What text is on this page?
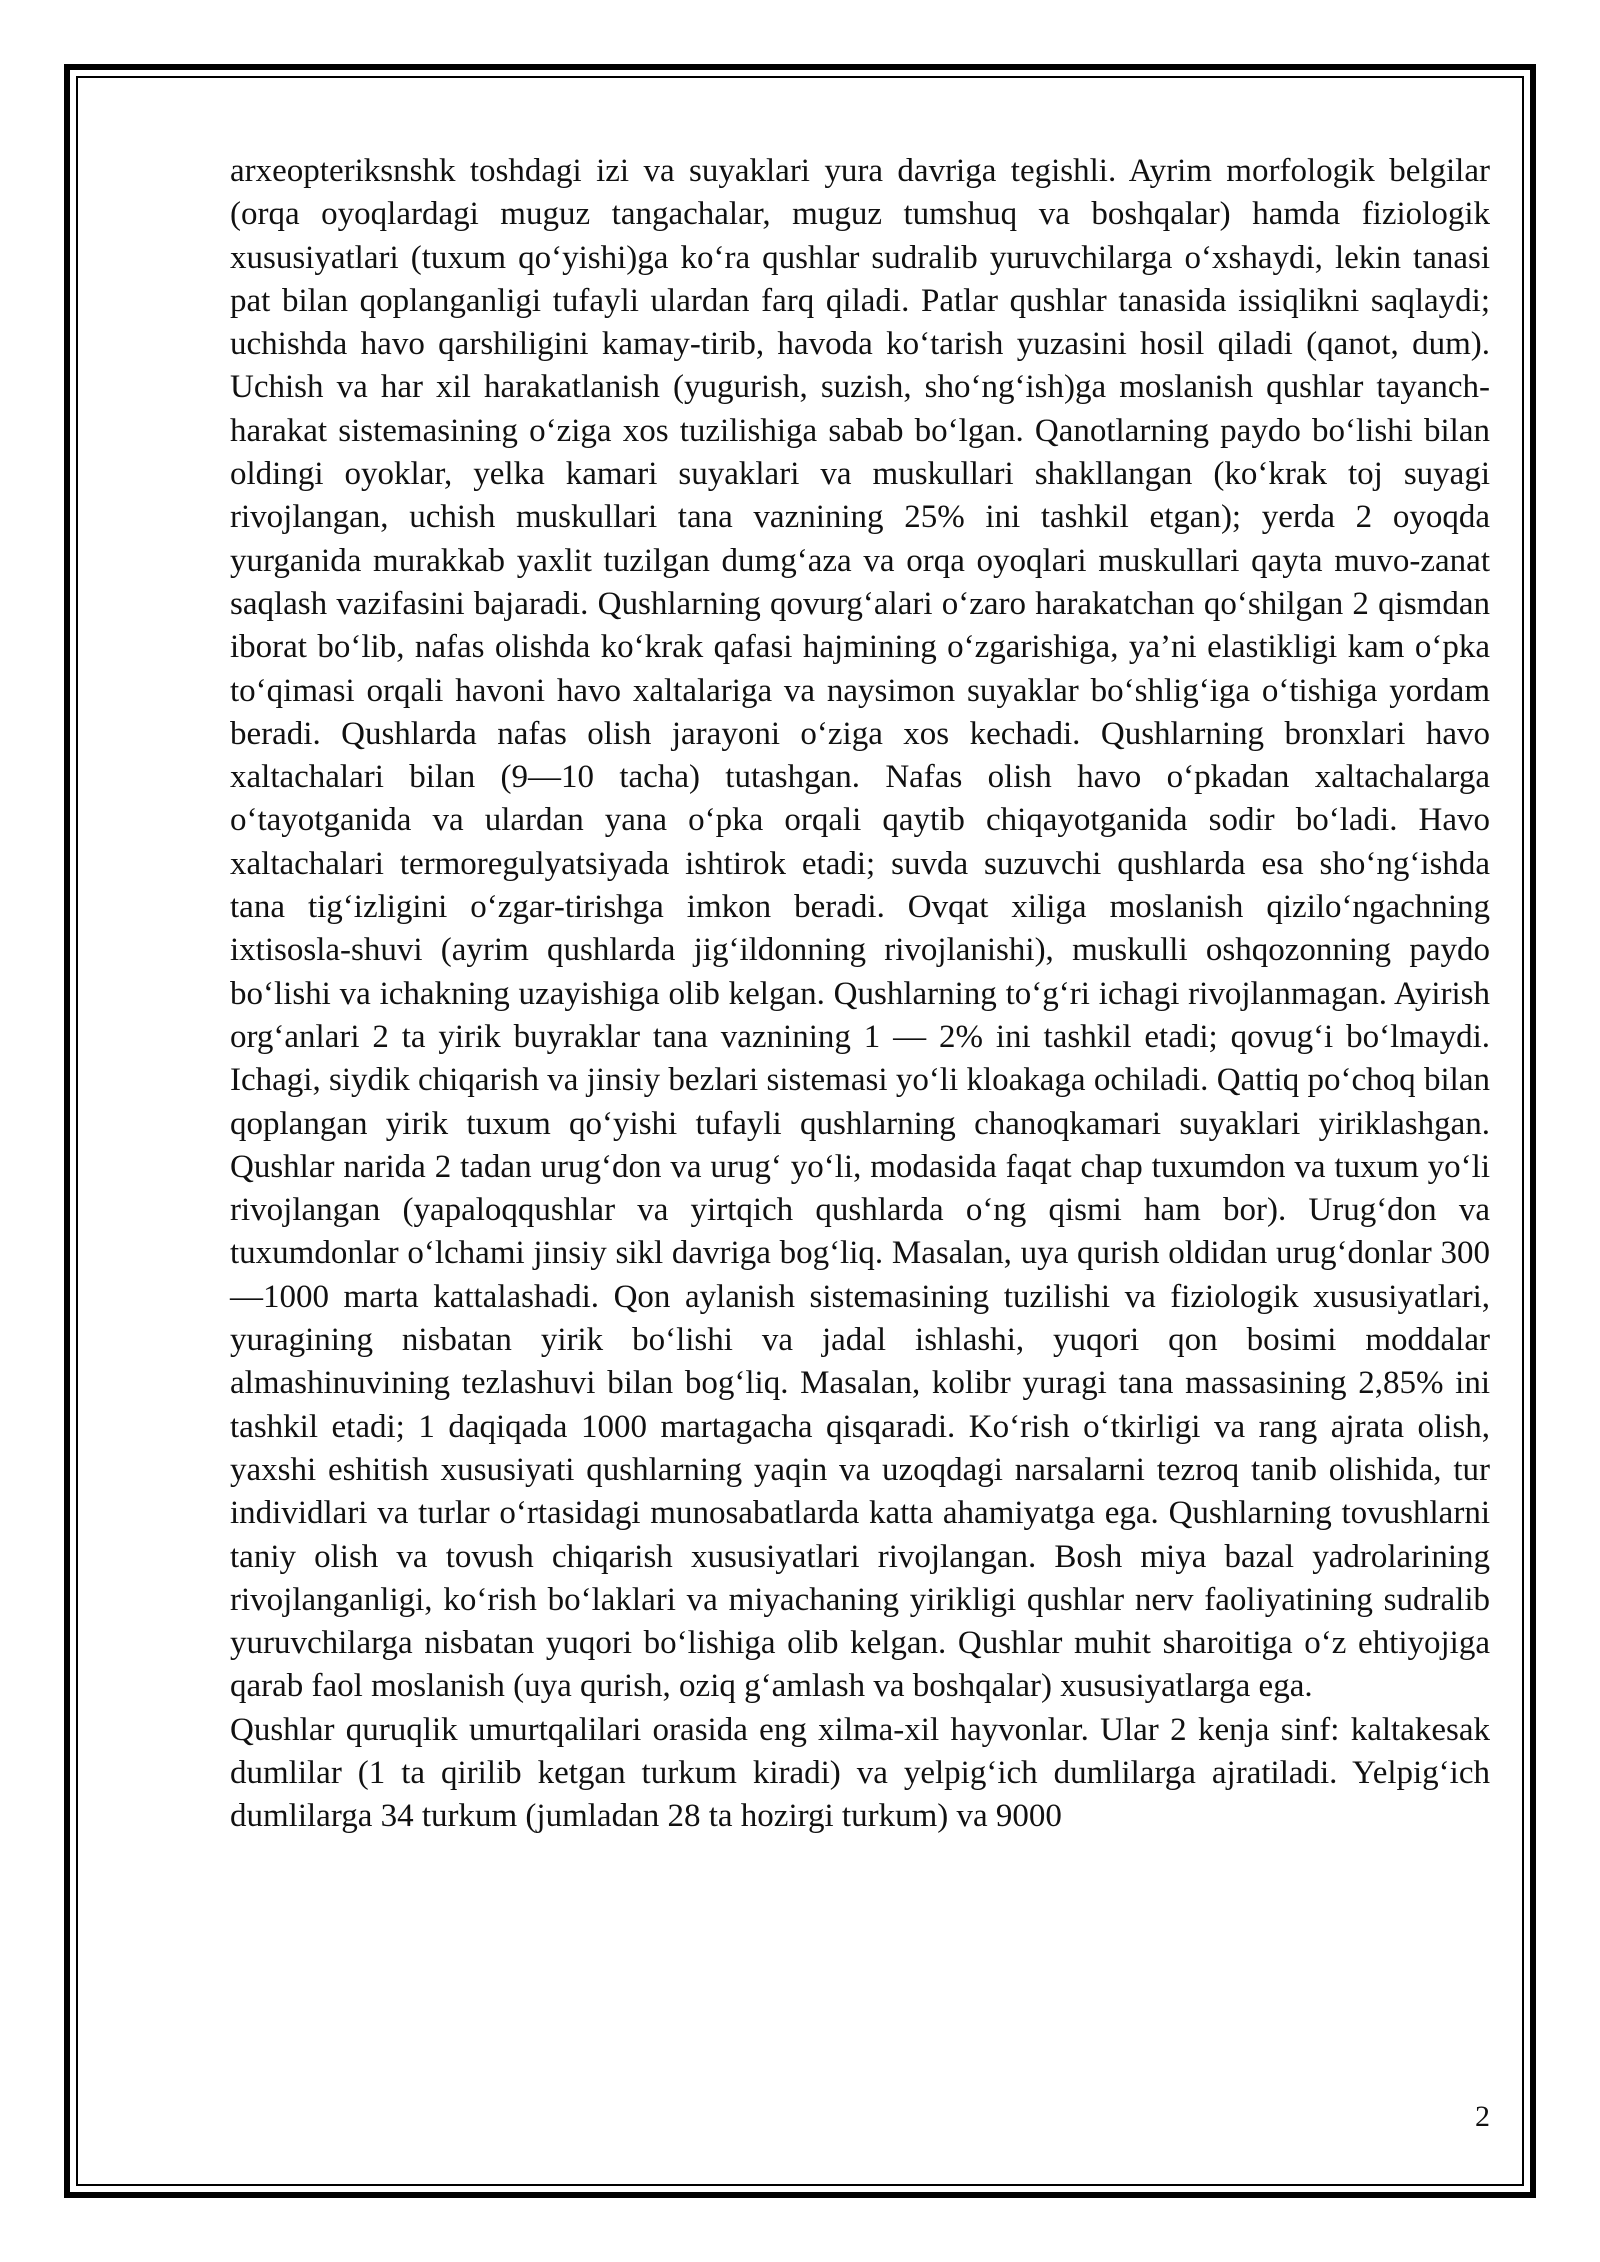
arxeopteriksnshk toshdagi izi va suyaklari yura davriga tegishli. Ayrim morfologik belgilar (orqa oyoqlardagi muguz tangachalar, muguz tumshuq va boshqalar) hamda fiziologik xususiyatlari (tuxum qo‘yishi)ga ko‘ra qushlar sudralib yuruvchilarga o‘xshaydi, lekin tanasi pat bilan qoplanganligi tufayli ulardan farq qiladi. Patlar qushlar tanasida issiqlikni saqlaydi; uchishda havo qarshiligini kamay-tirib, havoda ko‘tarish yuzasini hosil qiladi (qanot, dum). Uchish va har xil harakatlanish (yugurish, suzish, sho‘ng‘ish)ga moslanish qushlar tayanch-harakat sistemasining o‘ziga xos tuzilishiga sabab bo‘lgan. Qanotlarning paydo bo‘lishi bilan oldingi oyoklar, yelka kamari suyaklari va muskullari shakllangan (ko‘krak toj suyagi rivojlangan, uchish muskullari tana vaznining 25% ini tashkil etgan); yerda 2 oyoqda yurganida murakkab yaxlit tuzilgan dumg‘aza va orqa oyoqlari muskullari qayta muvo-zanat saqlash vazifasini bajaradi. Qushlarning qovurg‘alari o‘zaro harakatchan qo‘shilgan 2 qismdan iborat bo‘lib, nafas olishda ko‘krak qafasi hajmining o‘zgarishiga, ya’ni elastikligi kam o‘pka to‘qimasi orqali havoni havo xaltalariga va naysimon suyaklar bo‘shlig‘iga o‘tishiga yordam beradi. Qushlarda nafas olish jarayoni o‘ziga xos kechadi. Qushlarning bronxlari havo xaltachalari bilan (9—10 tacha) tutashgan. Nafas olish havo o‘pkadan xaltachalarga o‘tayotganida va ulardan yana o‘pka orqali qaytib chiqayotganida sodir bo‘ladi. Havo xaltachalari termoregulyatsiyada ishtirok etadi; suvda suzuvchi qushlarda esa sho‘ng‘ishda tana tig‘izligini o‘zgar-tirishga imkon beradi. Ovqat xiliga moslanish qizilo‘ngachning ixtisosla-shuvi (ayrim qushlarda jig‘ildonning rivojlanishi), muskulli oshqozonning paydo bo‘lishi va ichakning uzayishiga olib kelgan. Qushlarning to‘g‘ri ichagi rivojlanmagan. Ayirish org‘anlari 2 ta yirik buyraklar tana vaznining 1 — 2% ini tashkil etadi; qovug‘i bo‘lmaydi. Ichagi, siydik chiqarish va jinsiy bezlari sistemasi yo‘li kloakaga ochiladi. Qattiq po‘choq bilan qoplangan yirik tuxum qo‘yishi tufayli qushlarning chanoqkamari suyaklari yiriklashgan. Qushlar narida 2 tadan urug‘don va urug‘ yo‘li, modasida faqat chap tuxumdon va tuxum yo‘li rivojlangan (yapaloqqushlar va yirtqich qushlarda o‘ng qismi ham bor). Urug‘don va tuxumdonlar o‘lchami jinsiy sikl davriga bog‘liq. Masalan, uya qurish oldidan urug‘donlar 300—1000 marta kattalashadi. Qon aylanish sistemasining tuzilishi va fiziologik xususiyatlari, yuragining nisbatan yirik bo‘lishi va jadal ishlashi, yuqori qon bosimi moddalar almashinuvining tezlashuvi bilan bog‘liq. Masalan, kolibr yuragi tana massasining 2,85% ini tashkil etadi; 1 daqiqada 1000 martagacha qisqaradi. Ko‘rish o‘tkirligi va rang ajrata olish, yaxshi eshitish xususiyati qushlarning yaqin va uzoqdagi narsalarni tezroq tanib olishida, tur individlari va turlar o‘rtasidagi munosabatlarda katta ahamiyatga ega. Qushlarning tovushlarni taniy olish va tovush chiqarish xususiyatlari rivojlangan. Bosh miya bazal yadrolarining rivojlanganligi, ko‘rish bo‘laklari va miyachaning yirikligi qushlar nerv faoliyatining sudralib yuruvchilarga nisbatan yuqori bo‘lishiga olib kelgan. Qushlar muhit sharoitiga o‘z ehtiyojiga qarab faol moslanish (uya qurish, oziq g‘amlash va boshqalar) xususiyatlarga ega.

Qushlar quruqlik umurtqalilari orasida eng xilma-xil hayvonlar. Ular 2 kenja sinf: kaltakesak dumlilar (1 ta qirilib ketgan turkum kiradi) va yelpig‘ich dumlilarga ajratiladi. Yelpig‘ich dumlilarga 34 turkum (jumladan 28 ta hozirgi turkum) va 9000

2
